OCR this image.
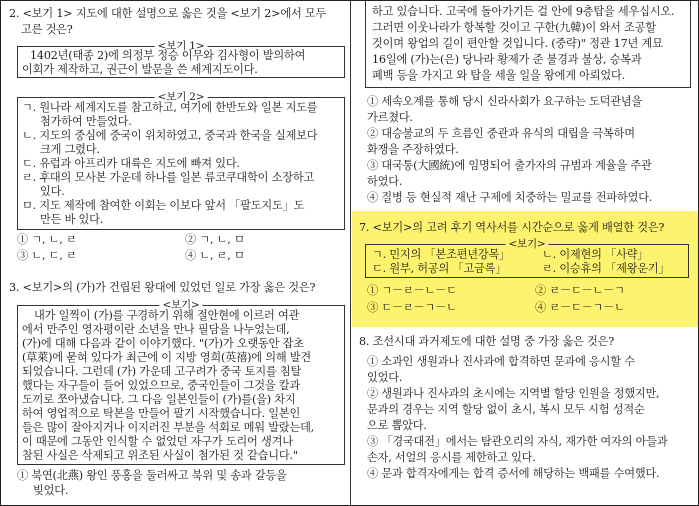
2. <보기 1> 지도에 대한 설명으로 옳은 것을 <보기 2>에서 모두
고른 것은?
<보기 1>
1402년(태종 2)에 의정부 정승 이무와 김사형이 발의하여
이회가 제작하고, 권근이 발문을 쓴 세계지도이다.
<보기 2>
ㄱ. 원나라 세계지도를 참고하고, 여기에 한반도와 일본 지도를
첨가하여 만들었다.
ㄴ. 지도의 중심에 중국이 위치하였고, 중국과 한국을 실제보다
크게 그렸다.
ㄷ. 유럽과 아프리카 대륙은 지도에 빠져 있다.
ㄹ. 후대의 모사본 가운데 하나를 일본 류코쿠대학이 소장하고
있다.
ㅁ. 지도 제작에 참여한 이회는 이보다 앞서 「팔도지도」도
만든 바 있다.
① ㄱ, ㄴ, ㄹ	② ㄱ, ㄴ, ㅁ
③ ㄴ, ㄷ, ㄹ	④ ㄴ, ㄹ, ㅁ
3. <보기>의 (가)가 건립된 왕대에 있었던 일로 가장 옳은 것은?
<보기>
내가 일찍이 (가)를 구경하기 위해 절안현에 이르러 여관
에서 만주인 영자평이란 소년을 만나 필담을 나누었는데,
(가)에 대해 다음과 같이 이야기했다. "(가)가 오랫동안 잡초
(草萊)에 묻혀 있다가 최근에 이 지방 영희(英禧)에 의해 발견
되었습니다. 그런데 (가) 가운데 고구려가 중국 토지를 침탈
했다는 자구들이 들어 있었으므로, 중국인들이 그것을 칼과
도끼로 쪼아냈습니다. 그 다음 일본인들이 (가)를(을) 차지
하여 영업적으로 탁본을 만들어 팔기 시작했습니다. 일본인
들은 많이 잘아지거나 이지러진 부분을 석회로 메워 발랐는데,
이 때문에 그동안 인식할 수 없었던 자구가 도리어 생겨나
참된 사실은 삭제되고 위조된 사실이 첨가된 것 같습니다."
① 북연(北燕) 왕인 풍홍을 둘러싸고 북위 및 송과 갈등을
빚었다.
하고 있습니다. 고국에 돌아가기든 걸 안에 9층탑을 세우십시오.
그러면 이웃나라가 항복할 것이고 구한(九韓)이 와서 조공할
것이며 왕업의 길이 편안할 것입니다. (중략)" 정관 17년 계묘
16일에 (가)는(은) 당나라 황제가 준 불경과 불상, 승복과
폐백 등을 가지고 와 탑을 세울 일을 왕에게 아뢰었다.
① 세속오계를 통해 당시 신라사회가 요구하는 도덕관념을
가르쳤다.
② 대승불교의 두 흐름인 중관과 유식의 대립을 극복하며
화쟁을 주장하였다.
③ 대국통(大國統)에 임명되어 출가자의 규범과 계율을 주관
하였다.
④ 질병 등 현실적 재난 구제에 치중하는 밀교를 전파하였다.
7. <보기>의 고려 후기 역사서를 시간순으로 옳게 배열한 것은?
<보기>
ㄱ. 민지의 「본조편년강목」	ㄴ. 이제현의 「사략」
ㄷ. 원부, 허공의 「고금록」	ㄹ. 이승휴의 「제왕운기」
① ㄱ－ㄹ－ㄴ－ㄷ	② ㄹ－ㄷ－ㄴ－ㄱ
③ ㄷ－ㄹ－ㄱ－ㄴ	④ ㄹ－ㄷ－ㄱ－ㄴ
8. 조선시대 과거제도에 대한 설명 중 가장 옳은 것은?
① 소과인 생원과나 진사과에 합격하면 문과에 응시할 수
있었다.
② 생원과나 진사과의 초시에는 지역별 할당 인원을 정했지만,
문과의 경우는 지역 할당 없이 초시, 복시 모두 시험 성적순
으로 뽑았다.
③ 「경국대전」에서는 탐관오리의 자식, 재가한 여자의 아들과
손자, 서얼의 응시를 제한하고 있다.
④ 문과 합격자에게는 합격 증서에 해당하는 백패를 수여했다.
